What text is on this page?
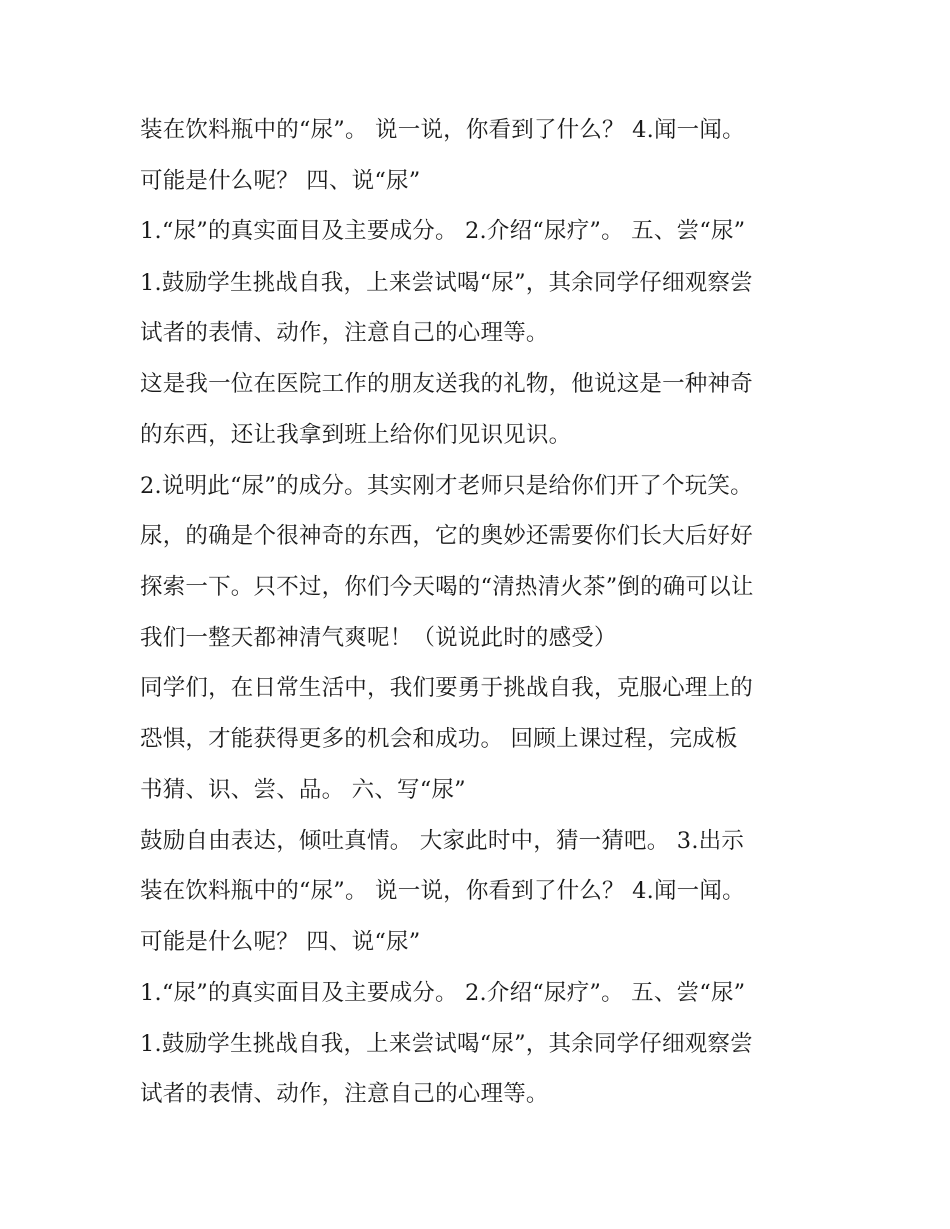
装在饮料瓶中的“尿”。 说一说，你看到了什么？ 4.闻一闻。
可能是什么呢？ 四、说“尿”
1.“尿”的真实面目及主要成分。 2.介绍“尿疗”。 五、尝“尿”
1.鼓励学生挑战自我，上来尝试喝“尿”，其余同学仔细观察尝
试者的表情、动作，注意自己的心理等。
这是我一位在医院工作的朋友送我的礼物，他说这是一种神奇
的东西，还让我拿到班上给你们见识见识。
2.说明此“尿”的成分。其实刚才老师只是给你们开了个玩笑。
尿，的确是个很神奇的东西，它的奥妙还需要你们长大后好好
探索一下。只不过，你们今天喝的“清热清火茶”倒的确可以让
我们一整天都神清气爽呢！（说说此时的感受）
同学们，在日常生活中，我们要勇于挑战自我，克服心理上的
恐惧，才能获得更多的机会和成功。 回顾上课过程，完成板
书猜、识、尝、品。 六、写“尿”
鼓励自由表达，倾吐真情。 大家此时中，猜一猜吧。 3.出示
装在饮料瓶中的“尿”。 说一说，你看到了什么？ 4.闻一闻。
可能是什么呢？ 四、说“尿”
1.“尿”的真实面目及主要成分。 2.介绍“尿疗”。 五、尝“尿”
1.鼓励学生挑战自我，上来尝试喝“尿”，其余同学仔细观察尝
试者的表情、动作，注意自己的心理等。
